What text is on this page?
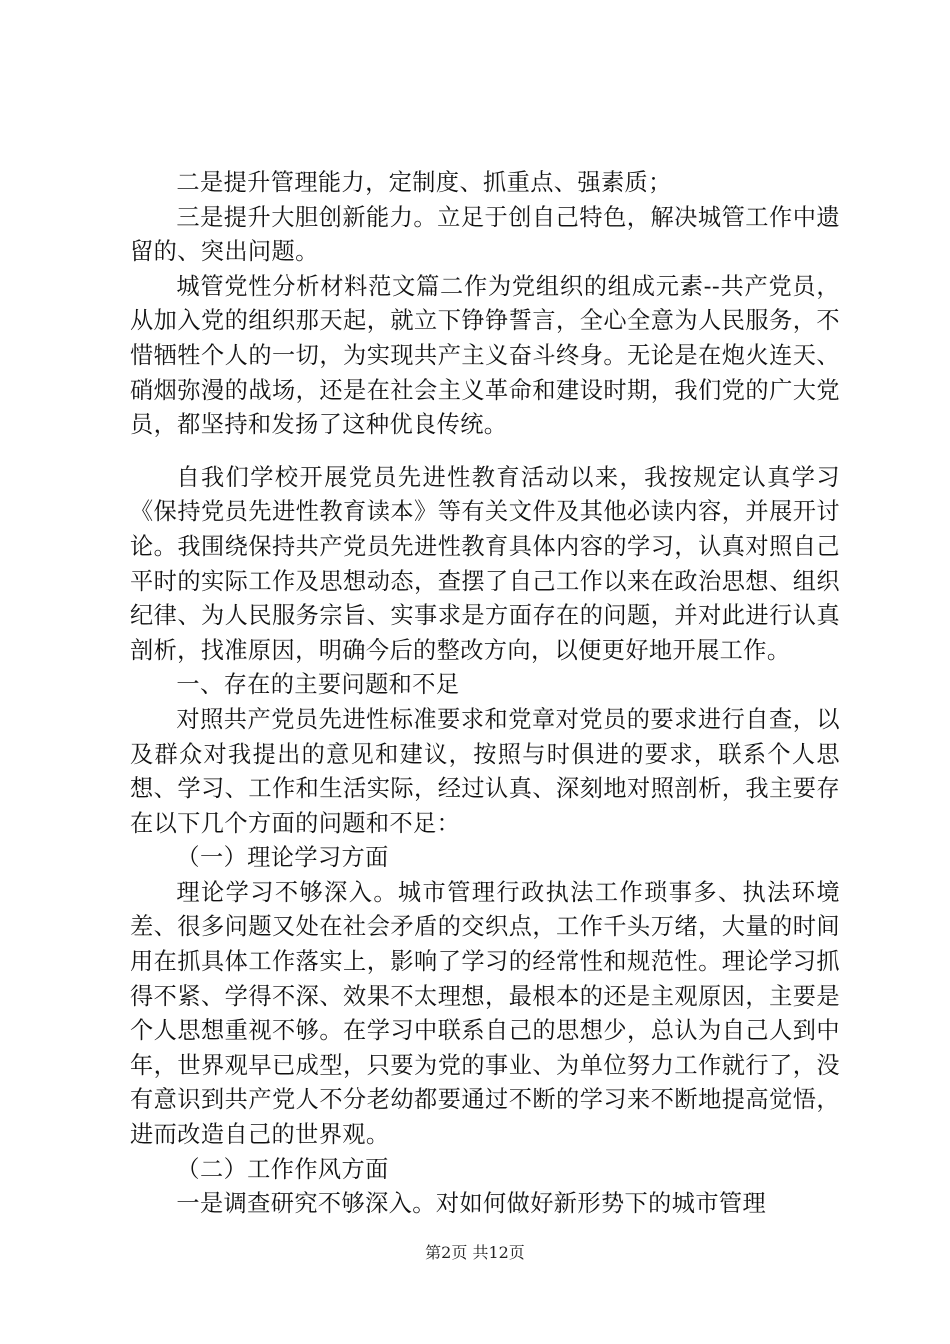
二是提升管理能力，定制度、抓重点、强素质；

三是提升大胆创新能力。立足于创自己特色，解决城管工作中遗留的、突出问题。

城管党性分析材料范文篇二作为党组织的组成元素--共产党员，从加入党的组织那天起，就立下铮铮誓言，全心全意为人民服务，不惜牺牲个人的一切，为实现共产主义奋斗终身。无论是在炮火连天、硝烟弥漫的战场，还是在社会主义革命和建设时期，我们党的广大党员，都坚持和发扬了这种优良传统。

自我们学校开展党员先进性教育活动以来，我按规定认真学习《保持党员先进性教育读本》等有关文件及其他必读内容，并展开讨论。我围绕保持共产党员先进性教育具体内容的学习，认真对照自己平时的实际工作及思想动态，查摆了自己工作以来在政治思想、组织纪律、为人民服务宗旨、实事求是方面存在的问题，并对此进行认真剖析，找准原因，明确今后的整改方向，以便更好地开展工作。

一、存在的主要问题和不足

对照共产党员先进性标准要求和党章对党员的要求进行自查，以及群众对我提出的意见和建议，按照与时俱进的要求，联系个人思想、学习、工作和生活实际，经过认真、深刻地对照剖析，我主要存在以下几个方面的问题和不足：

（一）理论学习方面

理论学习不够深入。城市管理行政执法工作琐事多、执法环境差、很多问题又处在社会矛盾的交织点，工作千头万绪，大量的时间用在抓具体工作落实上，影响了学习的经常性和规范性。理论学习抓得不紧、学得不深、效果不太理想，最根本的还是主观原因，主要是个人思想重视不够。在学习中联系自己的思想少，总认为自己人到中年，世界观早已成型，只要为党的事业、为单位努力工作就行了，没有意识到共产党人不分老幼都要通过不断的学习来不断地提高觉悟，进而改造自己的世界观。

（二）工作作风方面

一是调查研究不够深入。对如何做好新形势下的城市管理

第2页 共12页
